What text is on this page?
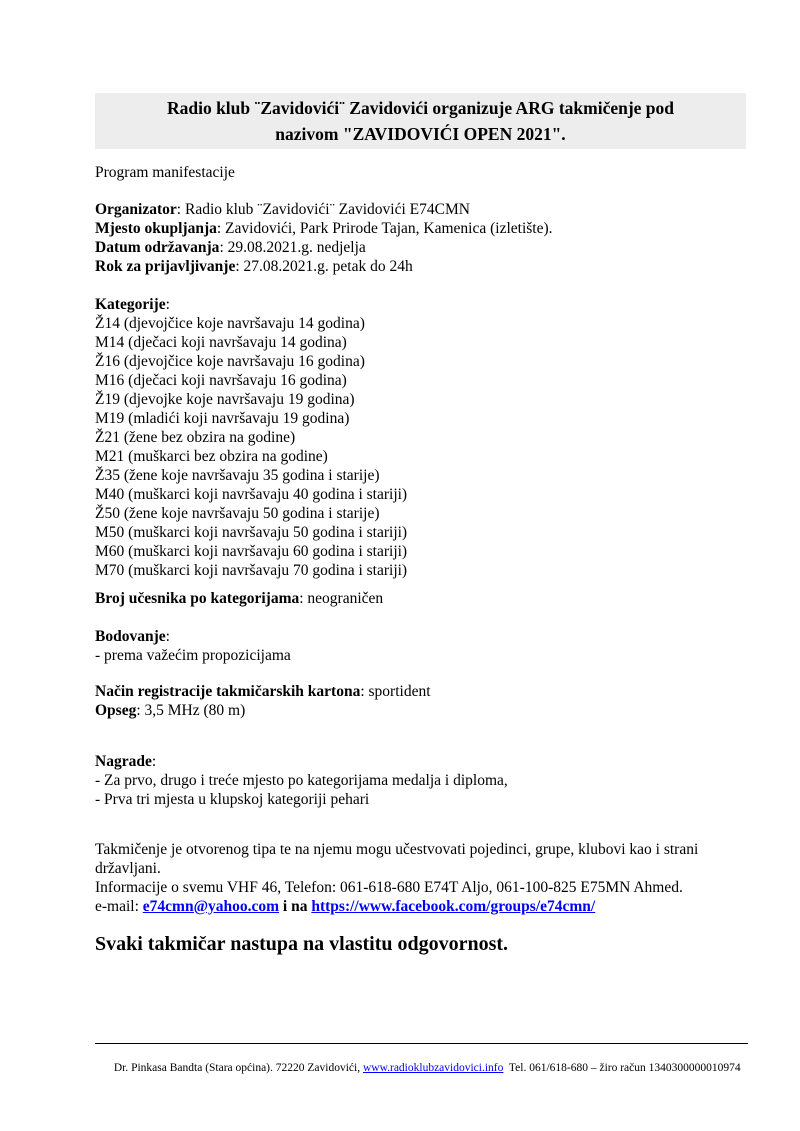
Radio klub ¨Zavidovići¨ Zavidovići organizuje ARG takmičenje pod
nazivom "ZAVIDOVIĆI OPEN 2021".

Program manifestacije

Organizator: Radio klub ¨Zavidovići¨ Zavidovići E74CMN
Mjesto okupljanja: Zavidovići, Park Prirode Tajan, Kamenica (izletište).
Datum održavanja: 29.08.2021.g. nedjelja
Rok za prijavljivanje: 27.08.2021.g. petak do 24h
Kategorije:
Ž14 (djevojčice koje navršavaju 14 godina)
M14 (dječaci koji navršavaju 14 godina)
Ž16 (djevojčice koje navršavaju 16 godina)
M16 (dječaci koji navršavaju 16 godina)
Ž19 (djevojke koje navršavaju 19 godina)
M19 (mladići koji navršavaju 19 godina)
Ž21 (žene bez obzira na godine)
M21 (muškarci bez obzira na godine)
Ž35 (žene koje navršavaju 35 godina i starije)
M40 (muškarci koji navršavaju 40 godina i stariji)
Ž50 (žene koje navršavaju 50 godina i starije)
M50 (muškarci koji navršavaju 50 godina i stariji)
M60 (muškarci koji navršavaju 60 godina i stariji)
M70 (muškarci koji navršavaju 70 godina i stariji)
Broj učesnika po kategorijama: neograničen
Bodovanje:
- prema važećim propozicijama
Način registracije takmičarskih kartona: sportident
Opseg: 3,5 MHz (80 m)
Nagrade:
- Za prvo, drugo i treće mjesto po kategorijama medalja i diploma,
- Prva tri mjesta u klupskoj kategoriji pehari
Takmičenje je otvorenog tipa te na njemu mogu učestvovati pojedinci, grupe, klubovi kao i strani državljani.
Informacije o svemu VHF 46, Telefon: 061-618-680 E74T Aljo, 061-100-825 E75MN Ahmed.
e-mail: e74cmn@yahoo.com i na https://www.facebook.com/groups/e74cmn/
Svaki takmičar nastupa na vlastitu odgovornost.

Dr. Pinkasa Bandta (Stara općina). 72220 Zavidovići, www.radioklubzavidovici.info  Tel. 061/618-680 – žiro račun 1340300000010974
